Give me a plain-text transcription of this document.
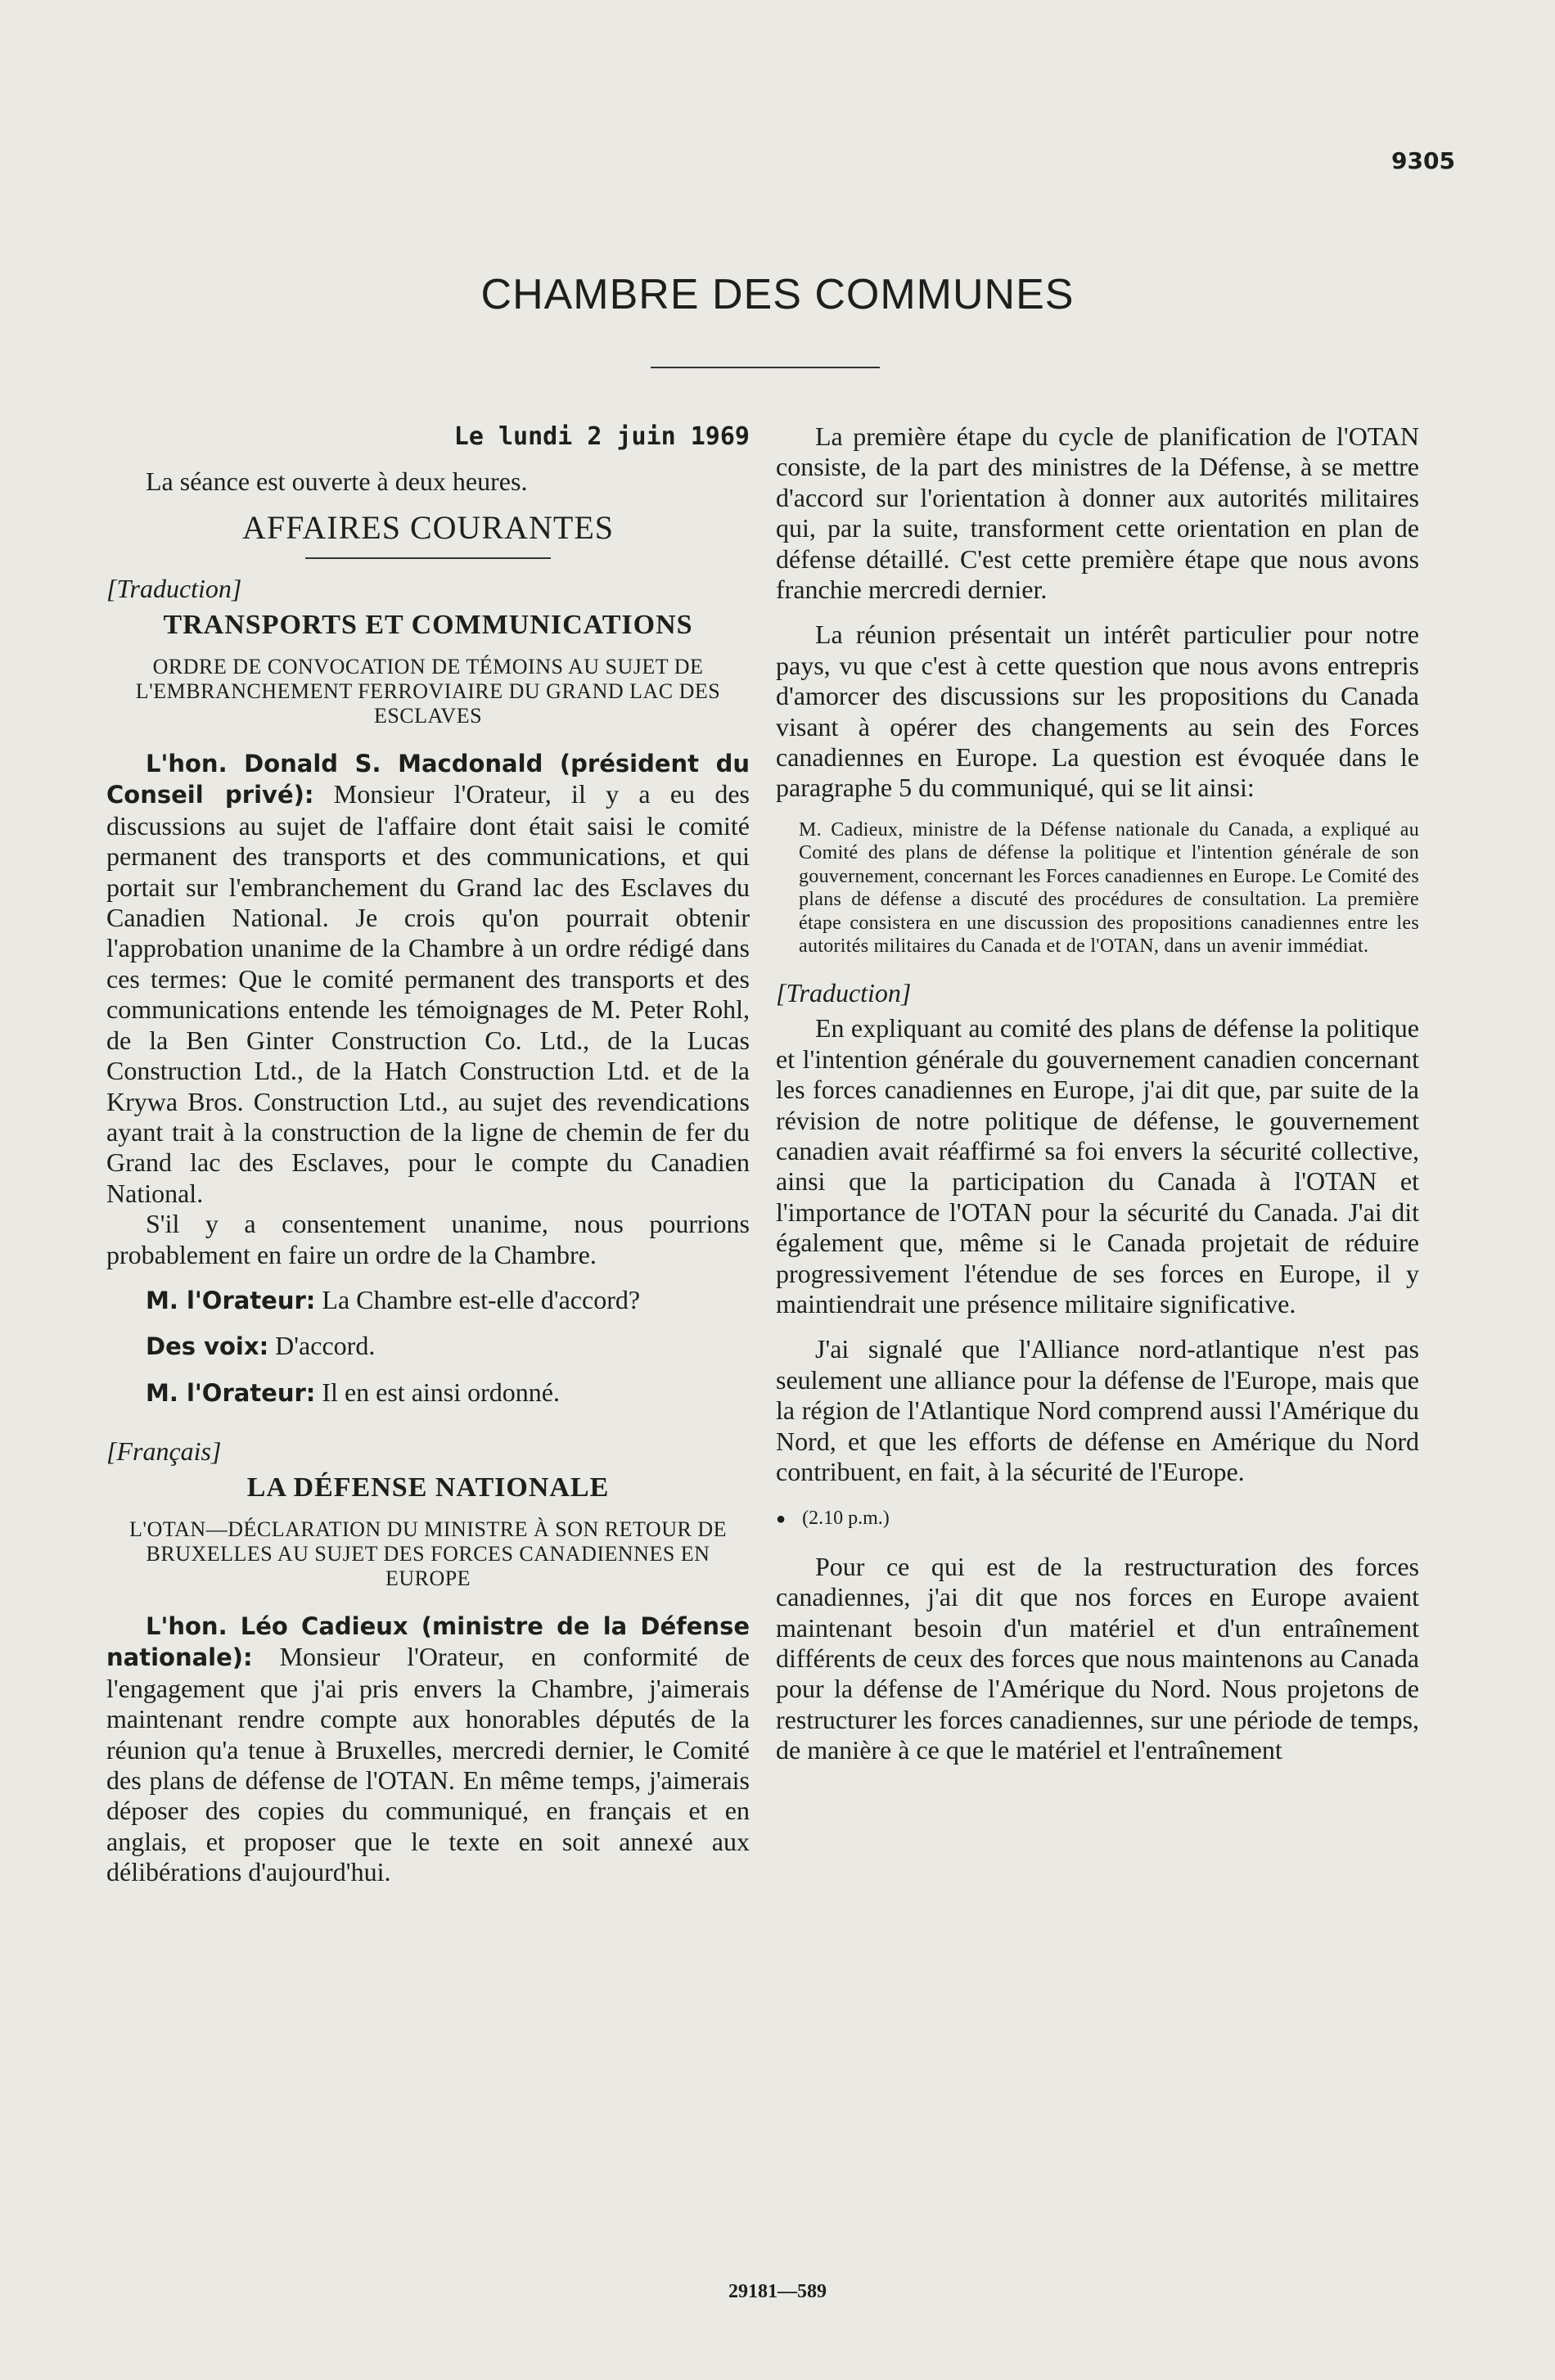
9305
CHAMBRE DES COMMUNES

Le lundi 2 juin 1969

La séance est ouverte à deux heures.

AFFAIRES COURANTES

[Traduction]

TRANSPORTS ET COMMUNICATIONS

ORDRE DE CONVOCATION DE TÉMOINS AU SUJET DE L'EMBRANCHEMENT FERROVIAIRE DU GRAND LAC DES ESCLAVES

L'hon. Donald S. Macdonald (président du Conseil privé): Monsieur l'Orateur, il y a eu des discussions au sujet de l'affaire dont était saisi le comité permanent des transports et des communications, et qui portait sur l'embranchement du Grand lac des Esclaves du Canadien National. Je crois qu'on pourrait obtenir l'approbation unanime de la Chambre à un ordre rédigé dans ces termes: Que le comité permanent des transports et des communications entende les témoignages de M. Peter Rohl, de la Ben Ginter Construction Co. Ltd., de la Lucas Construction Ltd., de la Hatch Construction Ltd. et de la Krywa Bros. Construction Ltd., au sujet des revendications ayant trait à la construction de la ligne de chemin de fer du Grand lac des Esclaves, pour le compte du Canadien National.

S'il y a consentement unanime, nous pourrions probablement en faire un ordre de la Chambre.

M. l'Orateur: La Chambre est-elle d'accord?

Des voix: D'accord.

M. l'Orateur: Il en est ainsi ordonné.

[Français]

LA DÉFENSE NATIONALE

L'OTAN—DÉCLARATION DU MINISTRE À SON RETOUR DE BRUXELLES AU SUJET DES FORCES CANADIENNES EN EUROPE

L'hon. Léo Cadieux (ministre de la Défense nationale): Monsieur l'Orateur, en conformité de l'engagement que j'ai pris envers la Chambre, j'aimerais maintenant rendre compte aux honorables députés de la réunion qu'a tenue à Bruxelles, mercredi dernier, le Comité des plans de défense de l'OTAN. En même temps, j'aimerais déposer des copies du communiqué, en français et en anglais, et proposer que le texte en soit annexé aux délibérations d'aujourd'hui.

La première étape du cycle de planification de l'OTAN consiste, de la part des ministres de la Défense, à se mettre d'accord sur l'orientation à donner aux autorités militaires qui, par la suite, transforment cette orientation en plan de défense détaillé. C'est cette première étape que nous avons franchie mercredi dernier.

La réunion présentait un intérêt particulier pour notre pays, vu que c'est à cette question que nous avons entrepris d'amorcer des discussions sur les propositions du Canada visant à opérer des changements au sein des Forces canadiennes en Europe. La question est évoquée dans le paragraphe 5 du communiqué, qui se lit ainsi:

M. Cadieux, ministre de la Défense nationale du Canada, a expliqué au Comité des plans de défense la politique et l'intention générale de son gouvernement, concernant les Forces canadiennes en Europe. Le Comité des plans de défense a discuté des procédures de consultation. La première étape consistera en une discussion des propositions canadiennes entre les autorités militaires du Canada et de l'OTAN, dans un avenir immédiat.

[Traduction]

En expliquant au comité des plans de défense la politique et l'intention générale du gouvernement canadien concernant les forces canadiennes en Europe, j'ai dit que, par suite de la révision de notre politique de défense, le gouvernement canadien avait réaffirmé sa foi envers la sécurité collective, ainsi que la participation du Canada à l'OTAN et l'importance de l'OTAN pour la sécurité du Canada. J'ai dit également que, même si le Canada projetait de réduire progressivement l'étendue de ses forces en Europe, il y maintiendrait une présence militaire significative.

J'ai signalé que l'Alliance nord-atlantique n'est pas seulement une alliance pour la défense de l'Europe, mais que la région de l'Atlantique Nord comprend aussi l'Amérique du Nord, et que les efforts de défense en Amérique du Nord contribuent, en fait, à la sécurité de l'Europe.

● (2.10 p.m.)

Pour ce qui est de la restructuration des forces canadiennes, j'ai dit que nos forces en Europe avaient maintenant besoin d'un matériel et d'un entraînement différents de ceux des forces que nous maintenons au Canada pour la défense de l'Amérique du Nord. Nous projetons de restructurer les forces canadiennes, sur une période de temps, de manière à ce que le matériel et l'entraînement

29181—589
